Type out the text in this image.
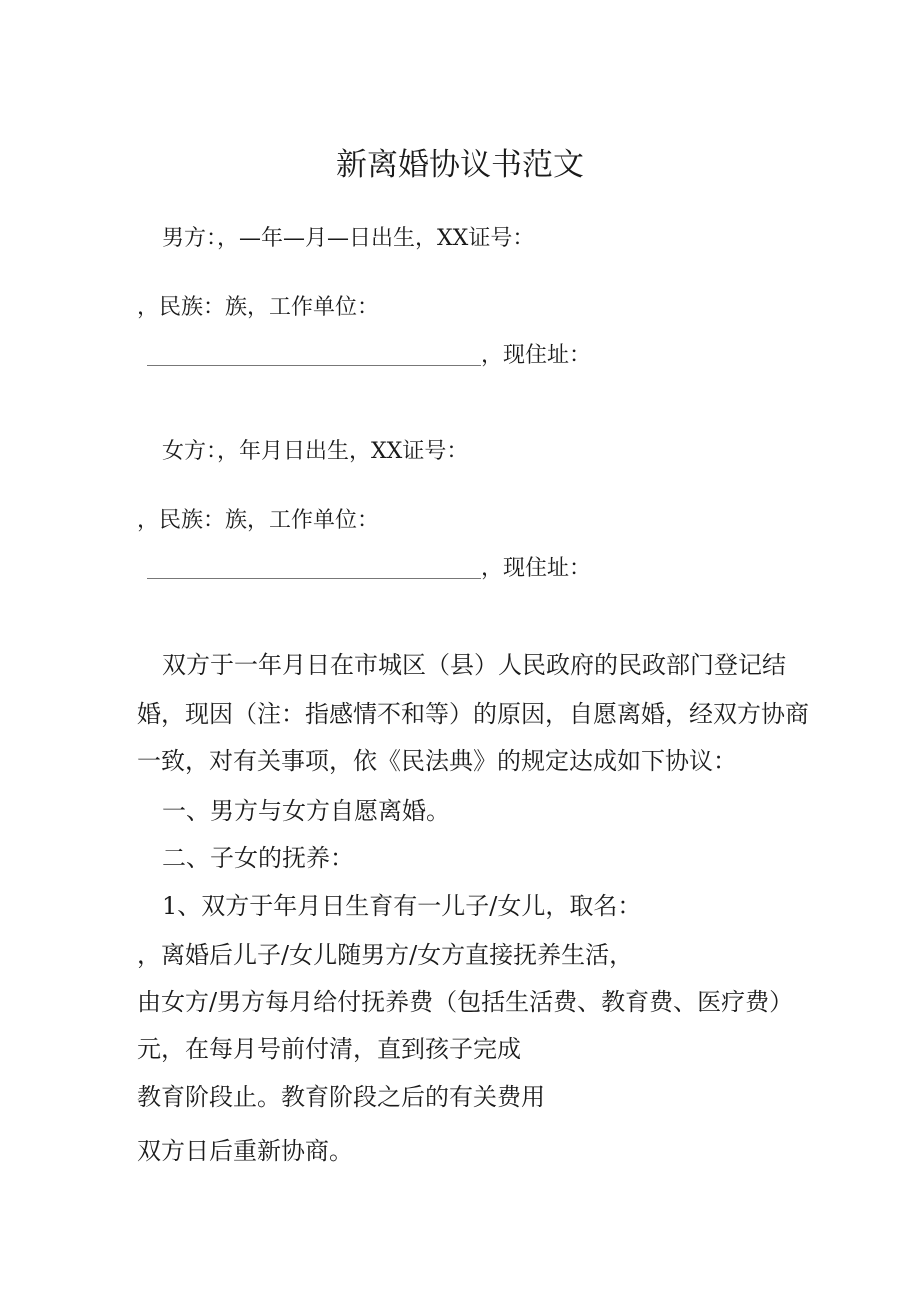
新离婚协议书范文
男方：，—年—月—日出生，XX证号：
，民族：族，工作单位：
，现住址：
女方：，年月日出生，XX证号：
，民族：族，工作单位：
，现住址：
双方于一年月日在市城区（县）人民政府的民政部门登记结
婚，现因（注：指感情不和等）的原因，自愿离婚，经双方协商
一致，对有关事项，依《民法典》的规定达成如下协议：
一、男方与女方自愿离婚。
二、子女的抚养：
1、双方于年月日生育有一儿子/女儿，取名：
，离婚后儿子/女儿随男方/女方直接抚养生活，
由女方/男方每月给付抚养费（包括生活费、教育费、医疗费）
元，在每月号前付清，直到孩子完成
教育阶段止。教育阶段之后的有关费用
双方日后重新协商。
